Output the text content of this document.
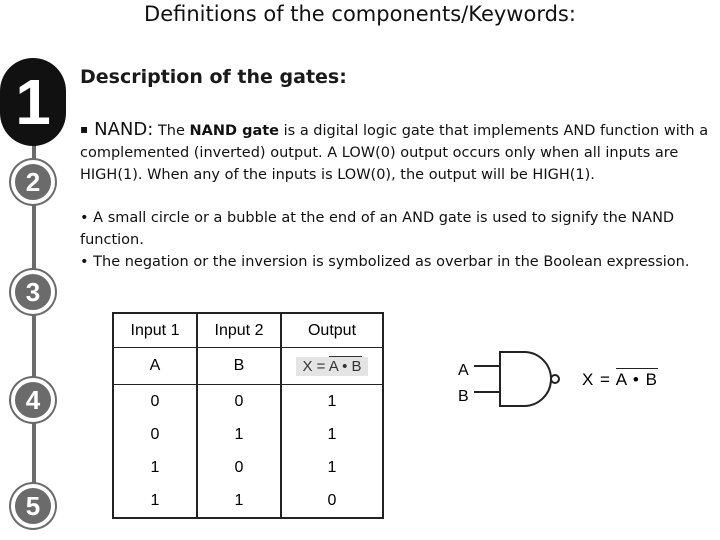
Definitions of the components/Keywords:
1
2
3
4
5
Description of the gates:
▪ NAND: The NAND gate is a digital logic gate that implements AND function with a complemented (inverted) output. A LOW(0) output occurs only when all inputs are HIGH(1). When any of the inputs is LOW(0), the output will be HIGH(1).
• A small circle or a bubble at the end of an AND gate is used to signify the NAND function.
• The negation or the inversion is symbolized as overbar in the Boolean expression.
Input 1	Input 2	Output
A	B	X = A • B
0	0	1
0	1	1
1	0	1
1	1	0
A
B
X = A • B
